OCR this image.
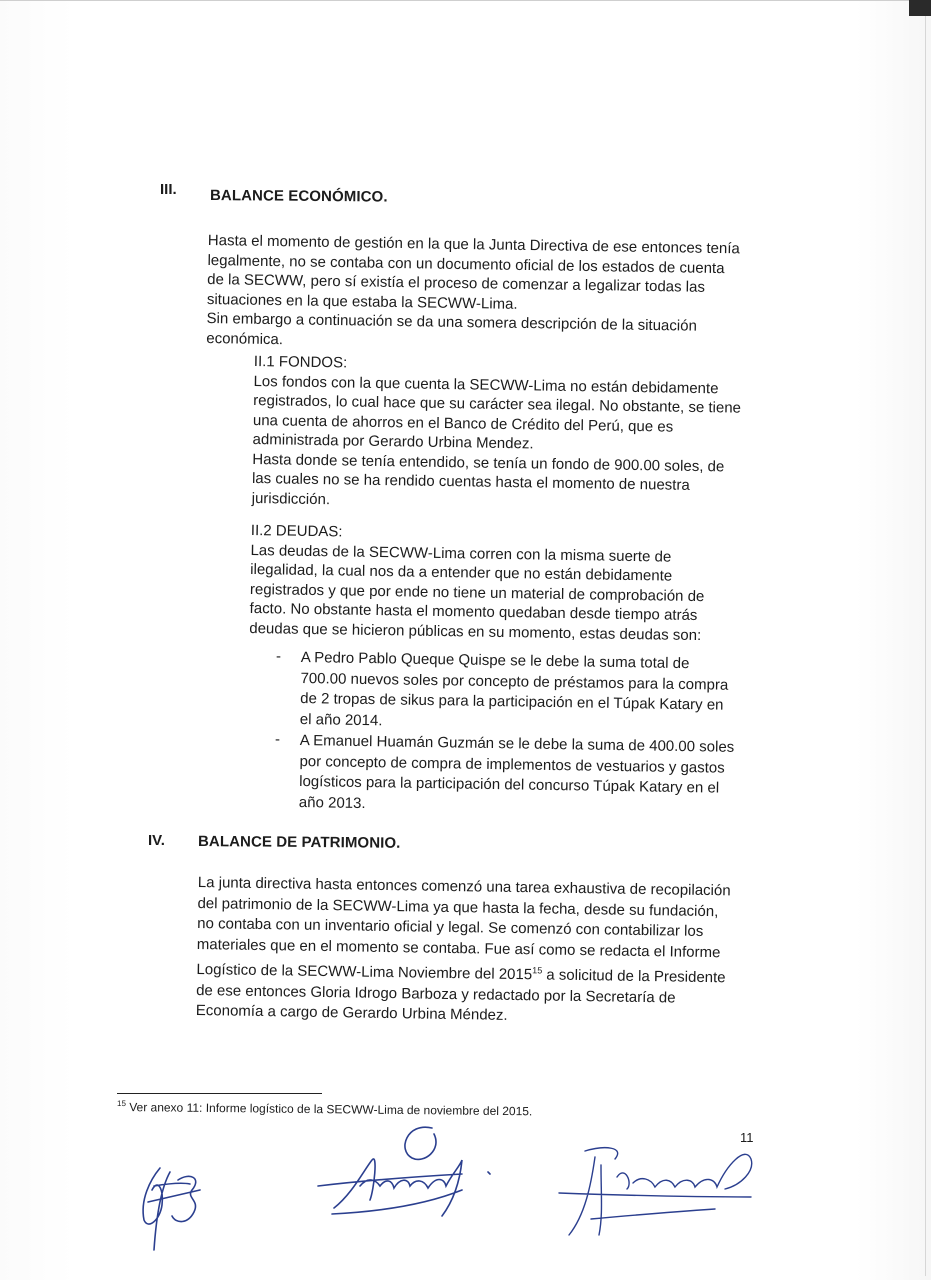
III. BALANCE ECONÓMICO.

Hasta el momento de gestión en la que la Junta Directiva de ese entonces tenía

legalmente, no se contaba con un documento oficial de los estados de cuenta

de la SECWW, pero sí existía el proceso de comenzar a legalizar todas las

situaciones en la que estaba la SECWW-Lima.

Sin embargo a continuación se da una somera descripción de la situación

económica.

II.1 FONDOS:

Los fondos con la que cuenta la SECWW-Lima no están debidamente

registrados, lo cual hace que su carácter sea ilegal. No obstante, se tiene

una cuenta de ahorros en el Banco de Crédito del Perú, que es

administrada por Gerardo Urbina Mendez.

Hasta donde se tenía entendido, se tenía un fondo de 900.00 soles, de

las cuales no se ha rendido cuentas hasta el momento de nuestra

jurisdicción.

II.2 DEUDAS:

Las deudas de la SECWW-Lima corren con la misma suerte de

ilegalidad, la cual nos da a entender que no están debidamente

registrados y que por ende no tiene un material de comprobación de

facto. No obstante hasta el momento quedaban desde tiempo atrás

deudas que se hicieron públicas en su momento, estas deudas son:

- A Pedro Pablo Queque Quispe se le debe la suma total de

700.00 nuevos soles por concepto de préstamos para la compra

de 2 tropas de sikus para la participación en el Túpak Katary en

el año 2014.

- A Emanuel Huamán Guzmán se le debe la suma de 400.00 soles

por concepto de compra de implementos de vestuarios y gastos

logísticos para la participación del concurso Túpak Katary en el

año 2013.

IV. BALANCE DE PATRIMONIO.

La junta directiva hasta entonces comenzó una tarea exhaustiva de recopilación

del patrimonio de la SECWW-Lima ya que hasta la fecha, desde su fundación,

no contaba con un inventario oficial y legal. Se comenzó con contabilizar los

materiales que en el momento se contaba. Fue así como se redacta el Informe

Logístico de la SECWW-Lima Noviembre del 2015$^{15}$ a solicitud de la Presidente

de ese entonces Gloria Idrogo Barboza y redactado por la Secretaría de

Economía a cargo de Gerardo Urbina Méndez.

$^{15}$ Ver anexo 11: Informe logístico de la SECWW-Lima de noviembre del 2015.
11
